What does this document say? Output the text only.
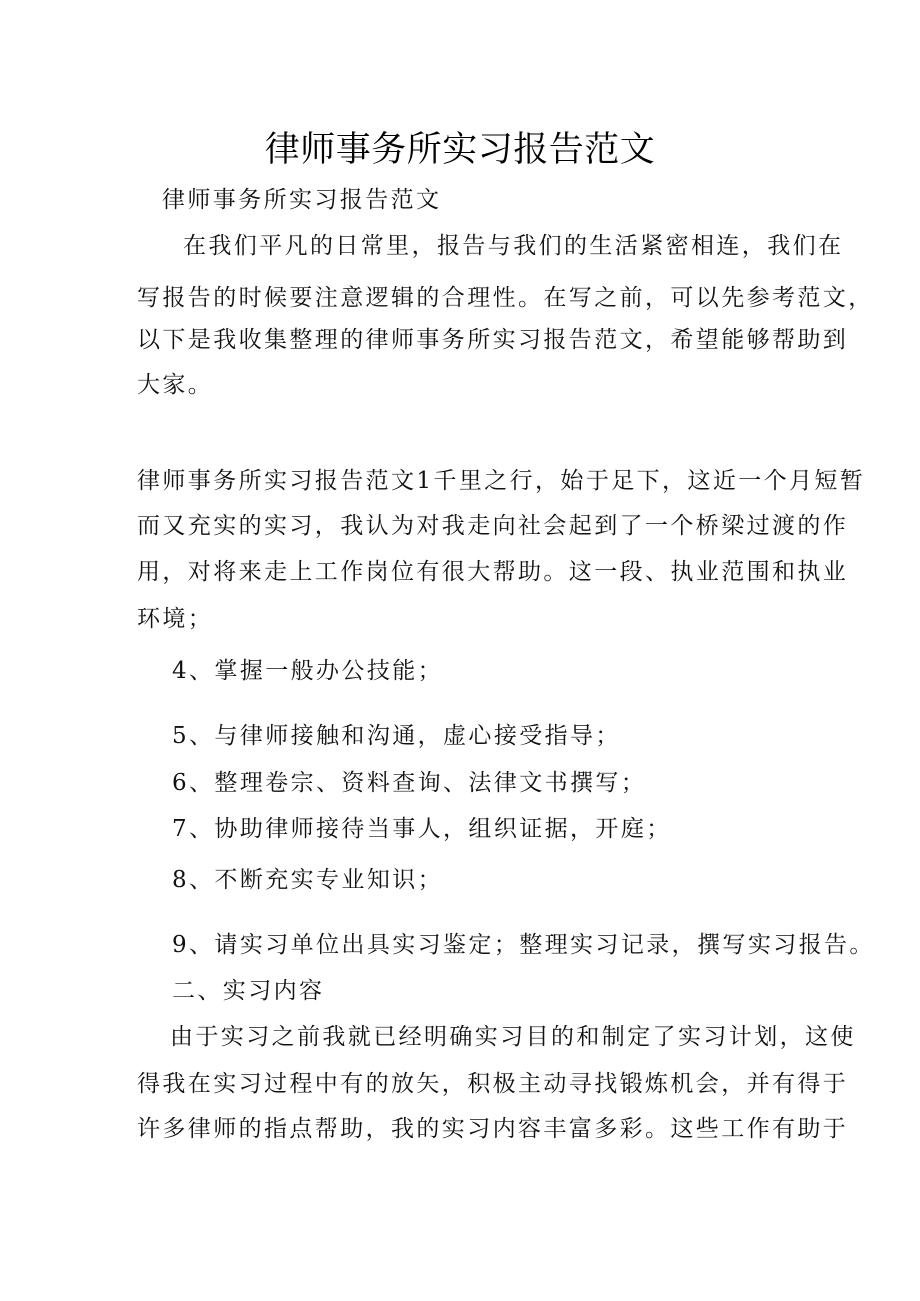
律师事务所实习报告范文
律师事务所实习报告范文
在我们平凡的日常里，报告与我们的生活紧密相连，我们在
写报告的时候要注意逻辑的合理性。在写之前，可以先参考范文，
以下是我收集整理的律师事务所实习报告范文，希望能够帮助到
大家。
律师事务所实习报告范文1千里之行，始于足下，这近一个月短暂
而又充实的实习，我认为对我走向社会起到了一个桥梁过渡的作
用，对将来走上工作岗位有很大帮助。这一段、执业范围和执业
环境；
4、掌握一般办公技能；
5、与律师接触和沟通，虚心接受指导；
6、整理卷宗、资料查询、法律文书撰写；
7、协助律师接待当事人，组织证据，开庭；
8、不断充实专业知识；
9、请实习单位出具实习鉴定；整理实习记录，撰写实习报告。
二、实习内容
由于实习之前我就已经明确实习目的和制定了实习计划，这使
得我在实习过程中有的放矢，积极主动寻找锻炼机会，并有得于
许多律师的指点帮助，我的实习内容丰富多彩。这些工作有助于
